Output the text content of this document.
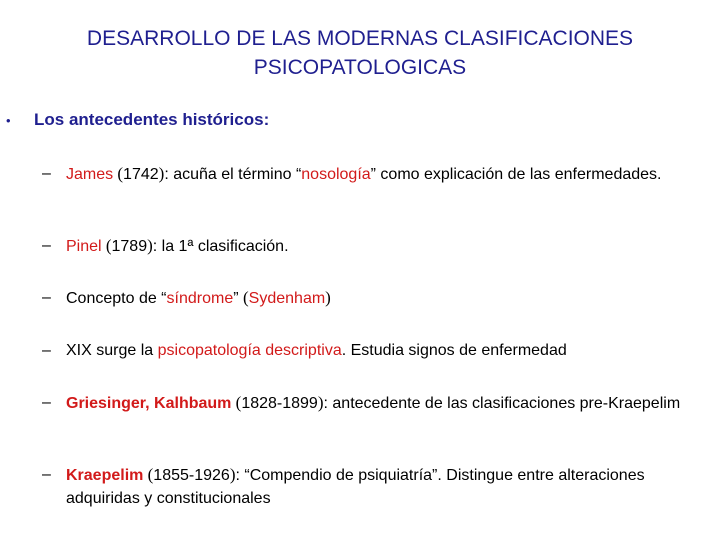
DESARROLLO DE LAS MODERNAS CLASIFICACIONES
PSICOPATOLOGICAS
• Los antecedentes históricos:
– James (1742): acuña el término “nosología” como explicación de las enfermedades.
– Pinel (1789): la 1ª clasificación.
– Concepto de “síndrome” (Sydenham)
– XIX surge la psicopatología descriptiva. Estudia signos de enfermedad
– Griesinger, Kalhbaum (1828-1899): antecedente de las clasificaciones pre-Kraepelim
– Kraepelim (1855-1926): “Compendio de psiquiatría”. Distingue entre alteraciones adquiridas y constitucionales
